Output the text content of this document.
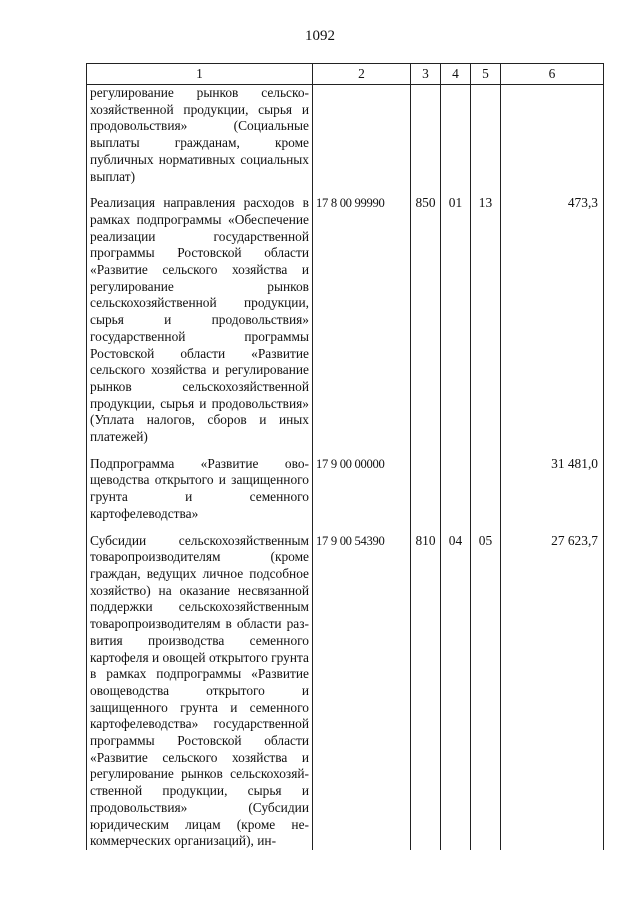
1092
1	2	3	4	5	6
регулирование рынков сельскохозяйственной продукции, сырья и продовольствия» (Социальные выплаты гражданам, кроме публичных нормативных социальных выплат)					

Реализация направления расходов в рамках подпрограммы «Обеспечение реализации государственной программы Ростовской области «Развитие сельского хозяйства и регулирование рынков сельскохозяйственной продукции, сырья и продовольствия» государственной программы Ростовской области «Развитие сельского хозяйства и регулирование рынков сельскохозяйственной продукции, сырья и продовольствия» (Уплата налогов, сборов и иных платeжей)	17 8 00 99990	850	01	13	473,3

Подпрограмма «Развитие овощеводства открытого и защищенного грунта и семенного картофелеводства»	17 9 00 00000				31 481,0

Субсидии сельскохозяйственным товаропроизводителям (кроме граждан, ведущих личное подсобное хозяйство) на оказание несвязанной поддержки сельскохозяйственным товаропроизводителям в области развития производства семенного картофеля и овощей открытого грунта в рамках подпрограммы «Развитие овощеводства открытого и защищенного грунта и семенного картофелеводства» государственной программы Ростовской области «Развитие сельского хозяйства и регулирование рынков сельскохозяйственной продукции, сырья и продовольствия» (Субсидии юридическим лицам (кроме некоммерческих организаций), ин-	17 9 00 54390	810	04	05	27 623,7
